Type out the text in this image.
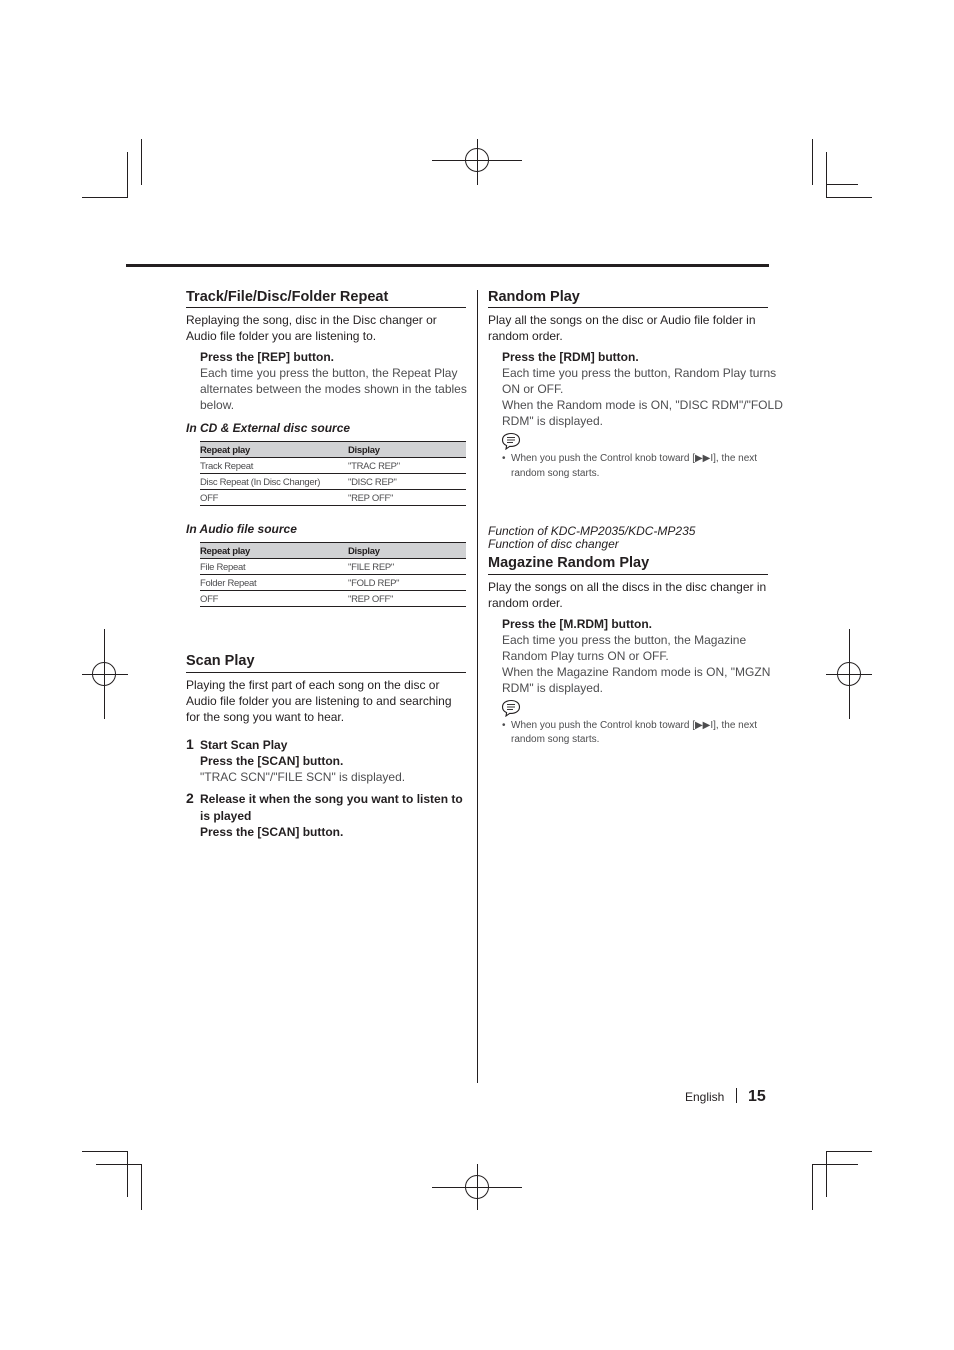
Track/File/Disc/Folder Repeat

Replaying the song, disc in the Disc changer or

Audio file folder you are listening to.

Press the [REP] button.

Each time you press the button, the Repeat Play

alternates between the modes shown in the tables

below.

In CD & External disc source

Repeat play	Display
Track Repeat	"TRAC REP"
Disc Repeat (In Disc Changer)	"DISC REP"
OFF	"REP OFF"

In Audio file source

Repeat play	Display
File Repeat	"FILE REP"
Folder Repeat	"FOLD REP"
OFF	"REP OFF"
Scan Play

Playing the first part of each song on the disc or

Audio file folder you are listening to and searching

for the song you want to hear.

1 Start Scan Play

Press the [SCAN] button.

"TRAC SCN"/"FILE SCN" is displayed.

2 Release it when the song you want to listen to

is played

Press the [SCAN] button.

Random Play

Play all the songs on the disc or Audio file folder in

random order.

Press the [RDM] button.

Each time you press the button, Random Play turns

ON or OFF.

When the Random mode is ON, "DISC RDM"/"FOLD

RDM" is displayed.

• When you push the Control knob toward [▶▶I], the next

random song starts.

Function of KDC-MP2035/KDC-MP235

Function of disc changer

Magazine Random Play

Play the songs on all the discs in the disc changer in

random order.

Press the [M.RDM] button.

Each time you press the button, the Magazine

Random Play turns ON or OFF.

When the Magazine Random mode is ON, "MGZN

RDM" is displayed.

• When you push the Control knob toward [▶▶I], the next

random song starts.

English 15
